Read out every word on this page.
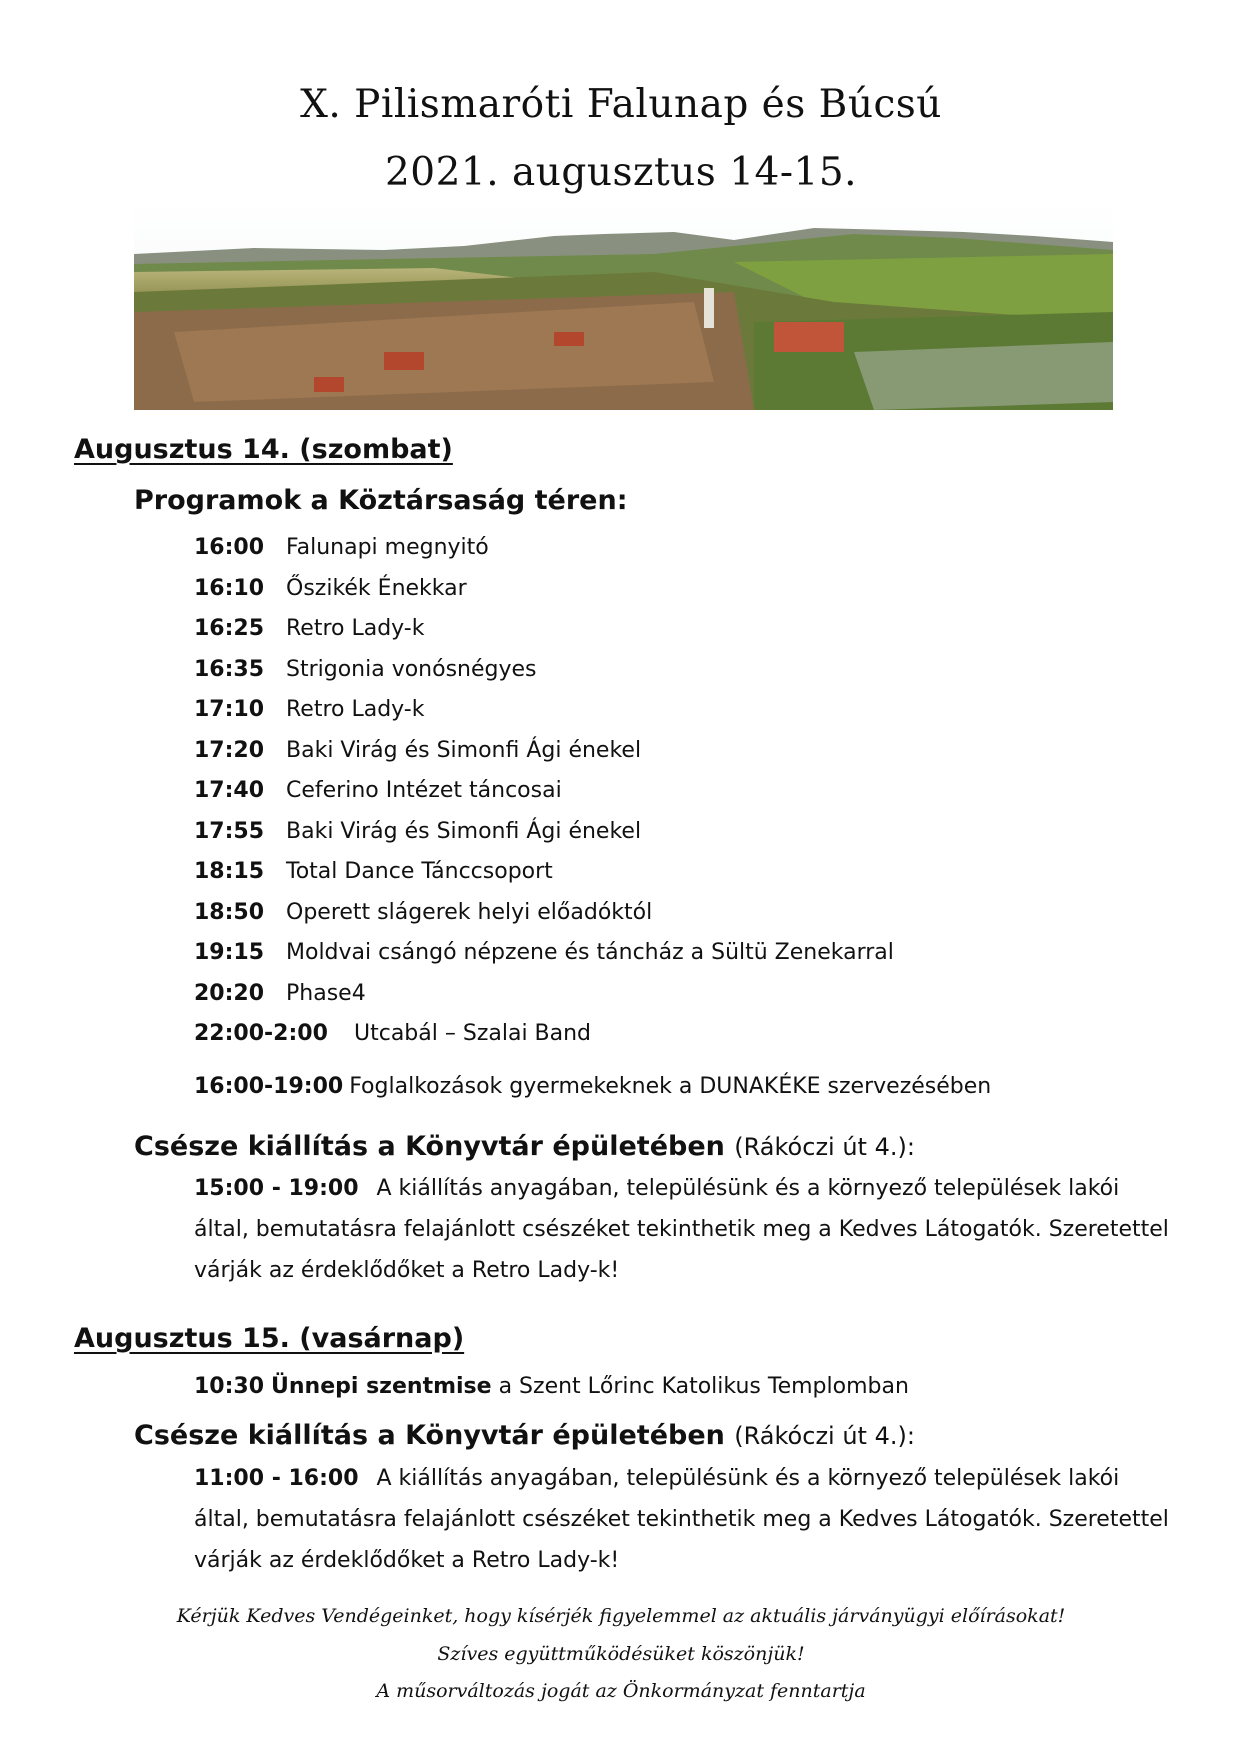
X. Pilismaróti Falunap és Búcsú
2021. augusztus 14-15.
Augusztus 14. (szombat)
Programok a Köztársaság téren:
16:00 Falunapi megnyitó
16:10 Őszikék Énekkar
16:25 Retro Lady-k
16:35 Strigonia vonósnégyes
17:10 Retro Lady-k
17:20 Baki Virág és Simonfi Ági énekel
17:40 Ceferino Intézet táncosai
17:55 Baki Virág és Simonfi Ági énekel
18:15 Total Dance Tánccsoport
18:50 Operett slágerek helyi előadóktól
19:15 Moldvai csángó népzene és táncház a Sültü Zenekarral
20:20 Phase4
22:00-2:00 Utcabál – Szalai Band
16:00-19:00 Foglalkozások gyermekeknek a DUNAKÉKE szervezésében
Csésze kiállítás a Könyvtár épületében (Rákóczi út 4.):
15:00 - 19:00 A kiállítás anyagában, településünk és a környező települések lakói által, bemutatásra felajánlott csészéket tekinthetik meg a Kedves Látogatók. Szeretettel várják az érdeklődőket a Retro Lady-k!
Augusztus 15. (vasárnap)
10:30 Ünnepi szentmise a Szent Lőrinc Katolikus Templomban
Csésze kiállítás a Könyvtár épületében (Rákóczi út 4.):
11:00 - 16:00 A kiállítás anyagában, településünk és a környező települések lakói által, bemutatásra felajánlott csészéket tekinthetik meg a Kedves Látogatók. Szeretettel várják az érdeklődőket a Retro Lady-k!
Kérjük Kedves Vendégeinket, hogy kísérjék figyelemmel az aktuális járványügyi előírásokat!
Szíves együttműködésüket köszönjük!
A műsorváltozás jogát az Önkormányzat fenntartja
